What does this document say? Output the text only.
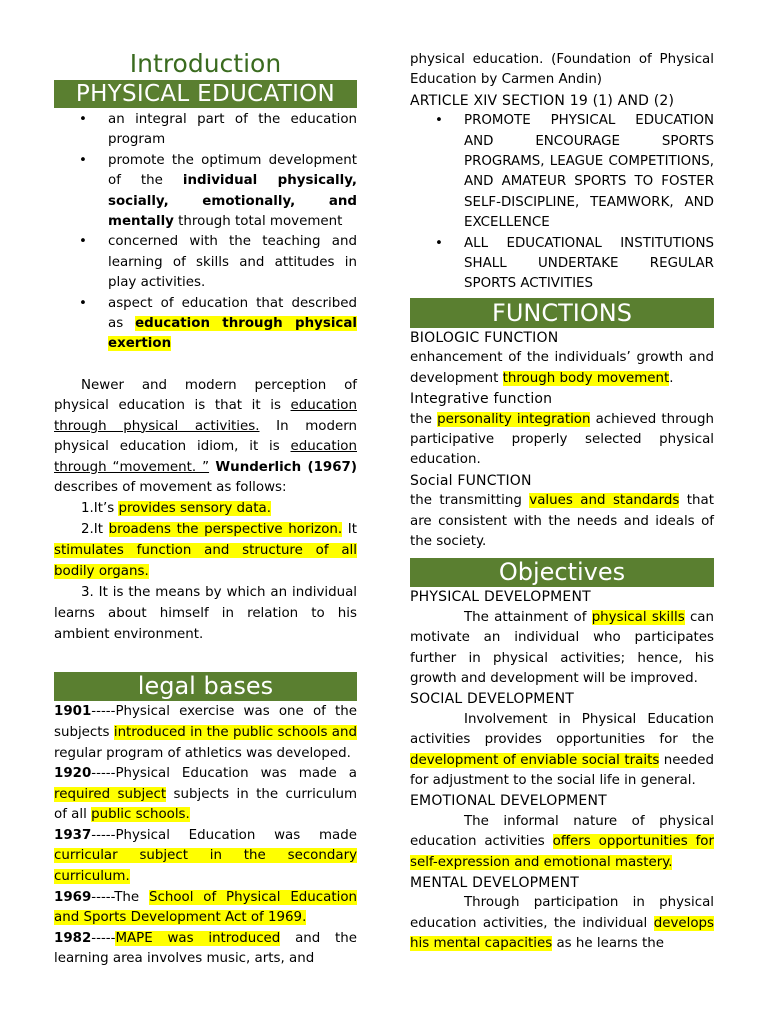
Introduction
PHYSICAL EDUCATION
• an integral part of the education program
• promote the optimum development of the individual physically, socially, emotionally, and mentally through total movement
• concerned with the teaching and learning of skills and attitudes in play activities.
• aspect of education that described as education through physical exertion

Newer and modern perception of physical education is that it is education through physical activities. In modern physical education idiom, it is education through “movement. ” Wunderlich (1967) describes of movement as follows:

1.It’s provides sensory data.

2.It broadens the perspective horizon. It stimulates function and structure of all bodily organs.

3. It is the means by which an individual learns about himself in relation to his ambient environment.

legal bases

1901-----Physical exercise was one of the subjects introduced in the public schools and regular program of athletics was developed.

1920-----Physical Education was made a required subject subjects in the curriculum of all public schools.

1937-----Physical Education was made curricular subject in the secondary curriculum.

1969-----The School of Physical Education and Sports Development Act of 1969.

1982-----MAPE was introduced and the learning area involves music, arts, and

physical education. (Foundation of Physical Education by Carmen Andin)

ARTICLE XIV SECTION 19 (1) AND (2)

• PROMOTE PHYSICAL EDUCATION AND ENCOURAGE SPORTS PROGRAMS, LEAGUE COMPETITIONS, AND AMATEUR SPORTS TO FOSTER SELF-DISCIPLINE, TEAMWORK, AND EXCELLENCE
• ALL EDUCATIONAL INSTITUTIONS SHALL UNDERTAKE REGULAR SPORTS ACTIVITIES
FUNCTIONS

BIOLOGIC FUNCTION

enhancement of the individuals’ growth and development through body movement.

Integrative function

the personality integration achieved through participative properly selected physical education.

Social FUNCTION

the transmitting values and standards that are consistent with the needs and ideals of the society.

Objectives

PHYSICAL DEVELOPMENT

The attainment of physical skills can motivate an individual who participates further in physical activities; hence, his growth and development will be improved.

SOCIAL DEVELOPMENT

Involvement in Physical Education activities provides opportunities for the development of enviable social traits needed for adjustment to the social life in general.

EMOTIONAL DEVELOPMENT

The informal nature of physical education activities offers opportunities for self-expression and emotional mastery.

MENTAL DEVELOPMENT

Through participation in physical education activities, the individual develops his mental capacities as he learns the
